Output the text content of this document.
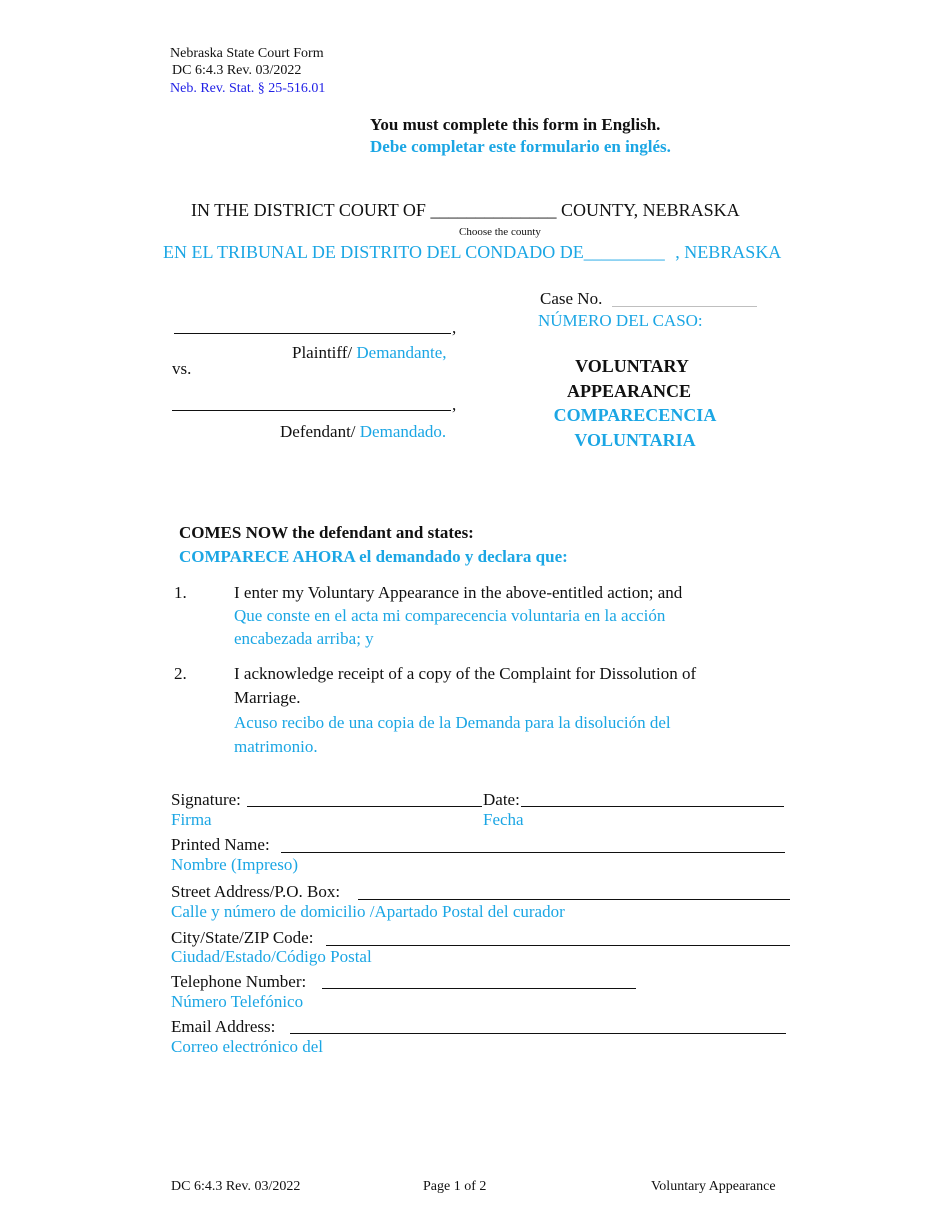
Nebraska State Court Form
DC 6:4.3 Rev. 03/2022
Neb. Rev. Stat. § 25-516.01
You must complete this form in English.
Debe completar este formulario en inglés.
IN THE DISTRICT COURT OF ______________ COUNTY, NEBRASKA
Choose the county
EN EL TRIBUNAL DE DISTRITO DEL CONDADO DE_________ , NEBRASKA
Case No.
NÚMERO DEL CASO:
,
Plaintiff/ Demandante,
vs.
,
Defendant/ Demandado.
VOLUNTARY
APPEARANCE
COMPARECENCIA
VOLUNTARIA
COMES NOW the defendant and states:
COMPARECE AHORA el demandado y declara que:
1.	I enter my Voluntary Appearance in the above-entitled action; and
Que conste en el acta mi comparecencia voluntaria en la acción
encabezada arriba; y
2.	I acknowledge receipt of a copy of the Complaint for Dissolution of
Marriage.
Acuso recibo de una copia de la Demanda para la disolución del
matrimonio.
Signature:
Firma
Date:
Fecha
Printed Name:
Nombre (Impreso)
Street Address/P.O. Box:
Calle y número de domicilio /Apartado Postal del curador
City/State/ZIP Code:
Ciudad/Estado/Código Postal
Telephone Number:
Número Telefónico
Email Address:
Correo electrónico del
DC 6:4.3 Rev. 03/2022	Page 1 of 2	Voluntary Appearance
